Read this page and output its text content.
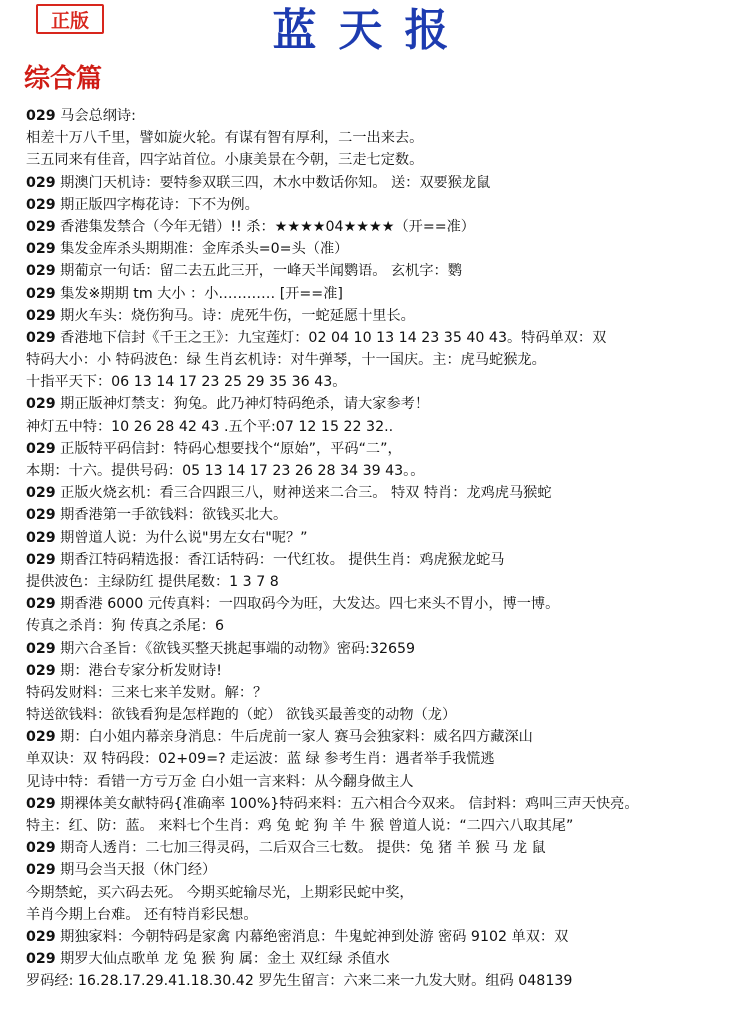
正版	蓝天报
综合篇
029 马会总纲诗:
相差十万八千里，譬如旋火轮。有谋有智有厚利，二一出来去。
三五同来有佳音，四字站首位。小康美景在今朝，三走七定数。
029 期澳门天机诗：要特参双联三四，木水中数话你知。 送：双要猴龙鼠
029 期正版四字梅花诗：下不为例。
029 香港集发禁合（今年无错）!! 杀：★★★★04★★★★（开==准）
029 集发金库杀头期期准：金库杀头=0=头（准）
029 期葡京一句话：留二去五此三开，一峰天半闻鹦语。 玄机字：鹦
029 集发※期期 tm 大小 ：小………… [开==准]
029 期火车头：烧伤狗马。诗：虎死牛伤，一蛇延愿十里长。
029 香港地下信封《千王之王》：九宝莲灯：02 04 10 13 14 23 35 40 43。特码单双：双
特码大小：小 特码波色：绿 生肖玄机诗：对牛弹琴，十一国庆。主：虎马蛇猴龙。
十指平天下：06 13 14 17 23 25 29 35 36 43。
029 期正版神灯禁支：狗兔。此乃神灯特码绝杀，请大家参考！
神灯五中特：10 26 28 42 43 .五个平:07 12 15 22 32..
029 正版特平码信封：特码心想要找个“原始”，平码“二”，
本期：十六。提供号码：05 13 14 17 23 26 28 34 39 43。。
029 正版火烧玄机：看三合四跟三八，财神送来二合三。 特双 特肖：龙鸡虎马猴蛇
029 期香港第一手欲钱料：欲钱买北大。
029 期曾道人说：为什么说"男左女右"呢？”
029 期香江特码精选报：香江话特码：一代红妆。 提供生肖：鸡虎猴龙蛇马
提供波色：主绿防红 提供尾数：1 3 7 8
029 期香港 6000 元传真料：一四取码今为旺，大发达。四七来头不胃小，博一博。
传真之杀肖：狗 传真之杀尾：6
029 期六合圣旨：《欲钱买整天挑起事端的动物》密码:32659
029 期：港台专家分析发财诗!
特码发财料：三来七来羊发财。解：？
特送欲钱料：欲钱看狗是怎样跑的（蛇） 欲钱买最善变的动物（龙）
029 期：白小姐内幕亲身消息：牛后虎前一家人 赛马会独家料：威名四方藏深山
单双诀：双 特码段：02+09=? 走运波：蓝 绿 参考生肖：遇者举手我慌逃
见诗中特：看错一方亏万金 白小姐一言来料：从今翻身做主人
029 期裸体美女献特码{准确率 100%}特码来料：五六相合今双来。 信封料：鸡叫三声天快亮。
特主：红、防：蓝。 来料七个生肖：鸡 兔 蛇 狗 羊 牛 猴 曾道人说：“二四六八取其尾”
029 期奇人透肖：二七加三得灵码，二后双合三七数。 提供：兔 猪 羊 猴 马 龙 鼠
029 期马会当天报（休门经）
今期禁蛇，买六码去死。 今期买蛇输尽光，上期彩民蛇中奖，
羊肖今期上台难。 还有特肖彩民想。
029 期独家料：今朝特码是家禽 内幕绝密消息：牛鬼蛇神到处游 密码 9102 单双：双
029 期罗大仙点歌单 龙 兔 猴 狗 属：金土 双红绿 杀值水
罗码经: 16.28.17.29.41.18.30.42 罗先生留言：六来二来一九发大财。组码 048139
